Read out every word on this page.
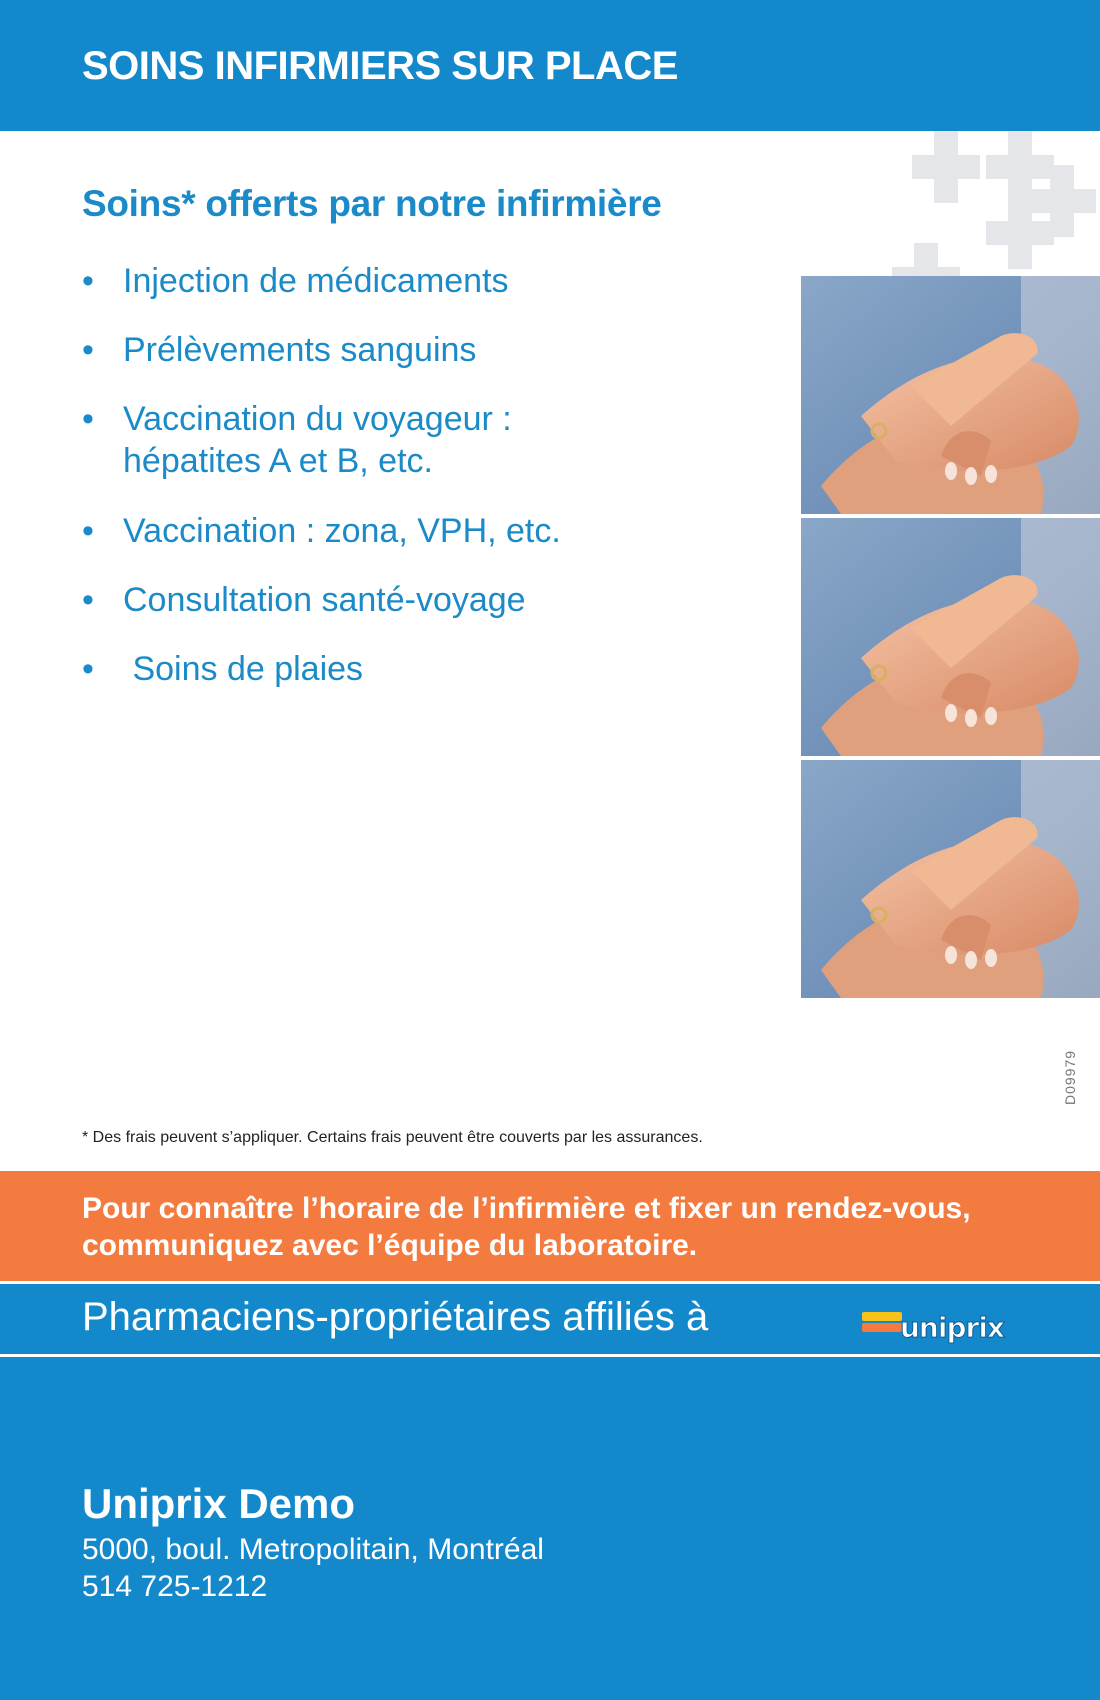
SOINS INFIRMIERS SUR PLACE
Soins* offerts par notre infirmière
• Injection de médicaments
• Prélèvements sanguins
• Vaccination du voyageur :
hépatites A et B, etc.
• Vaccination : zona, VPH, etc.
• Consultation santé-voyage
• Soins de plaies
* Des frais peuvent s’appliquer. Certains frais peuvent être couverts par les assurances.
D09979
Pour connaître l’horaire de l’infirmière et fixer un rendez-vous,
communiquez avec l’équipe du laboratoire.
Pharmaciens-propriétaires affiliés à	uniprix
Uniprix Demo
5000, boul. Metropolitain, Montréal
514 725-1212
